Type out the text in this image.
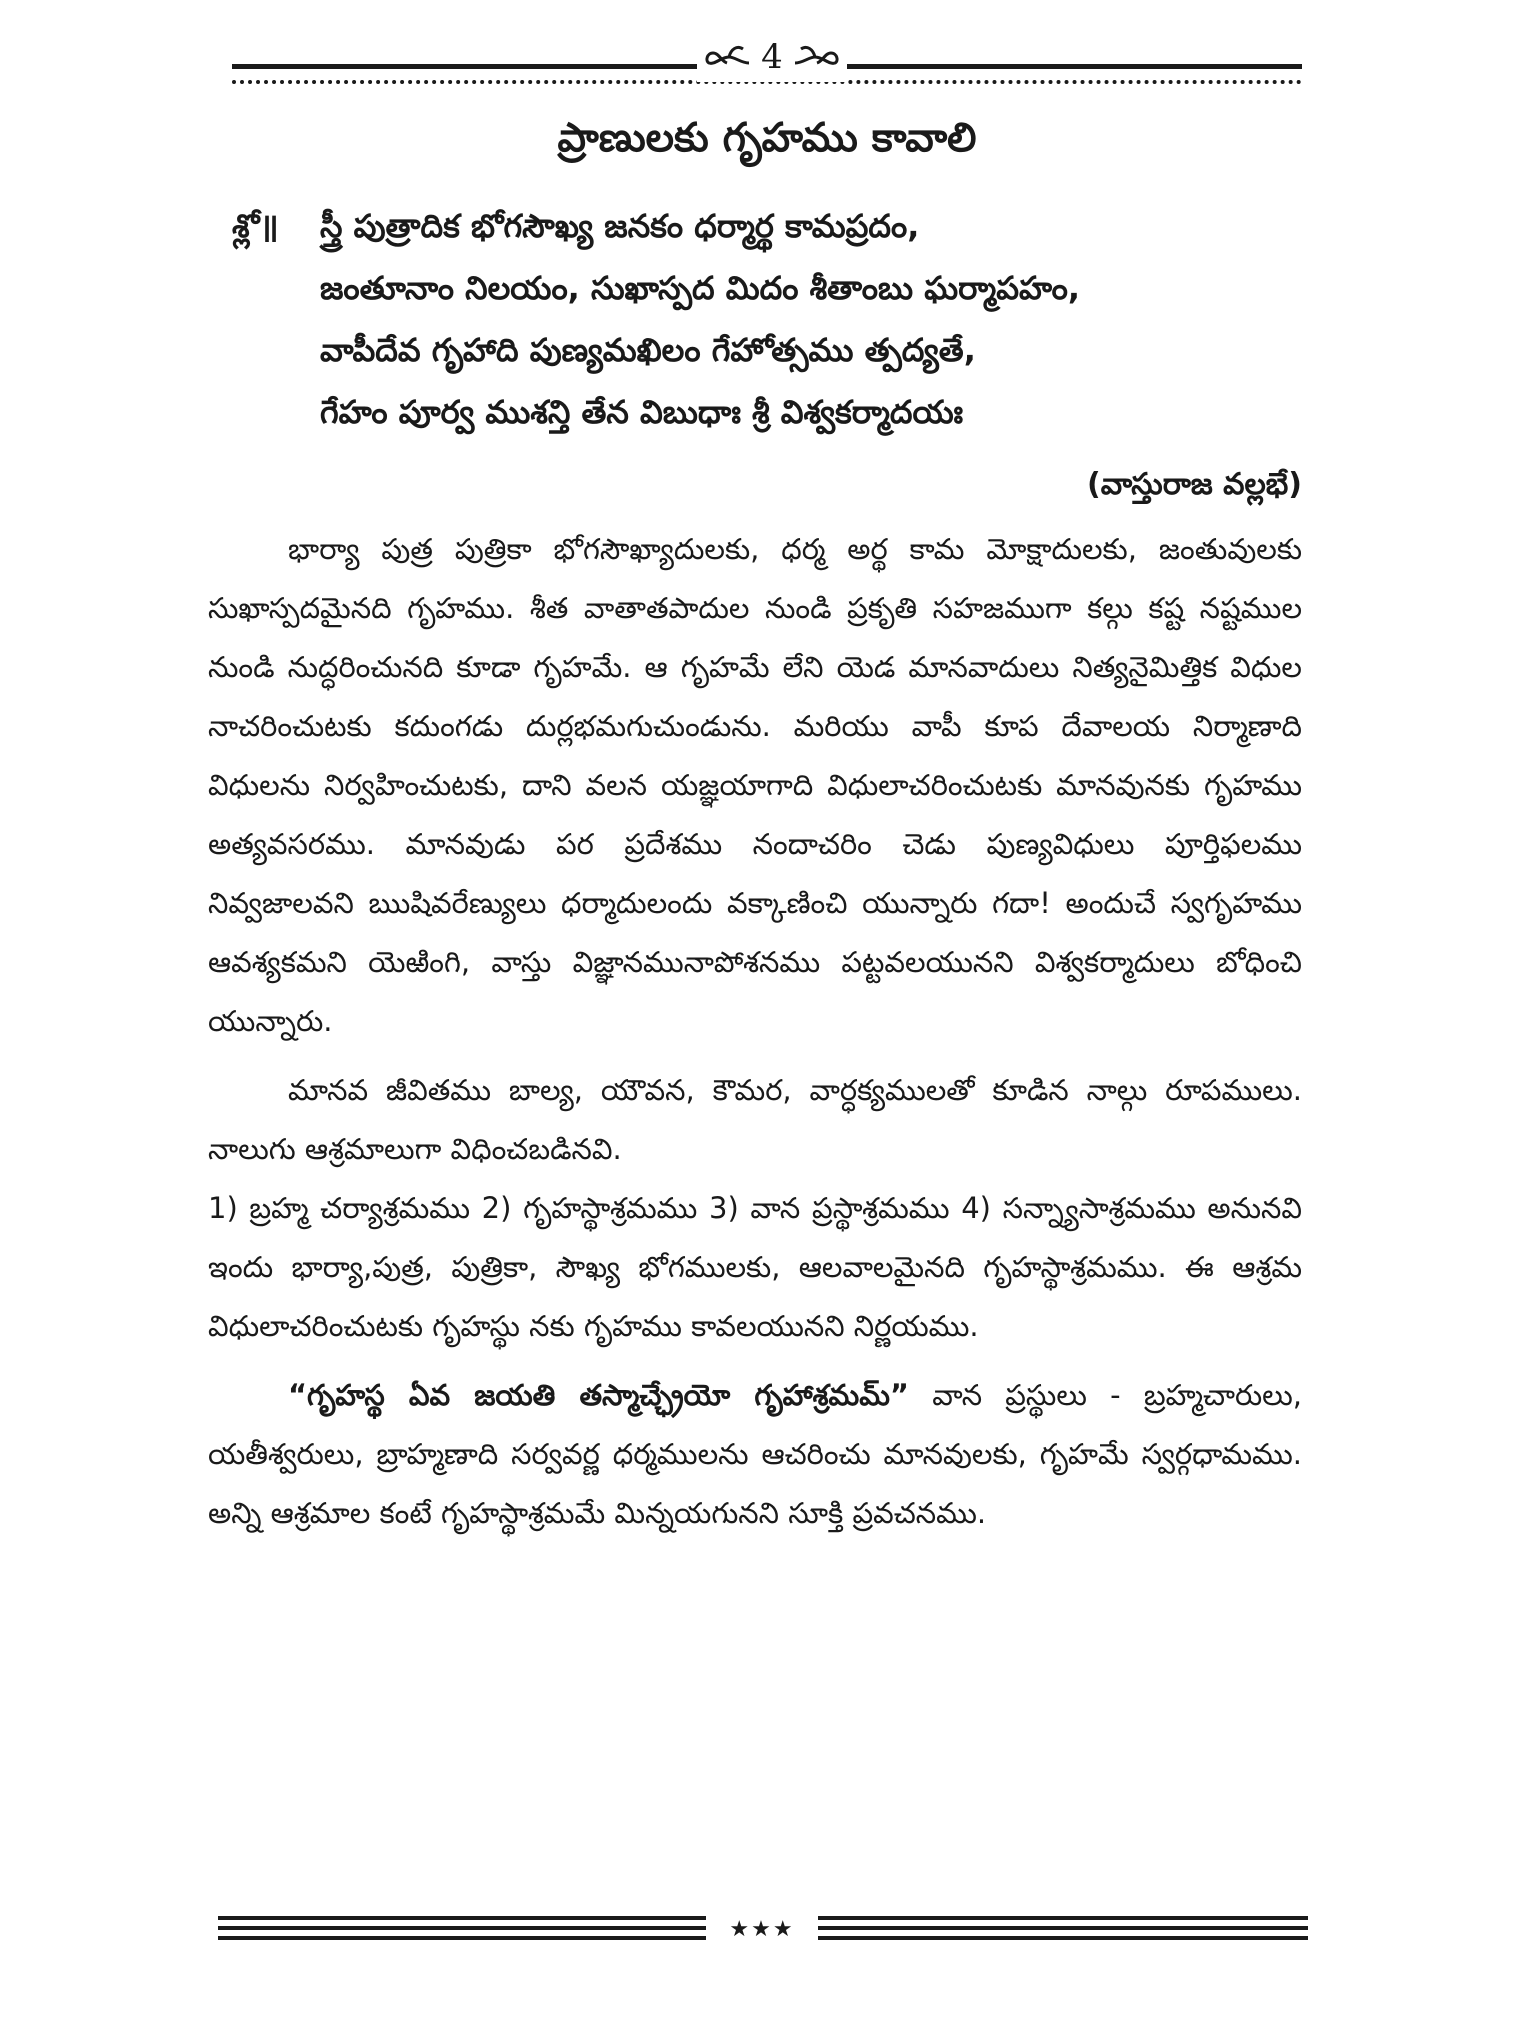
4
ప్రాణులకు గృహము కావాలి
శ్లో॥ స్త్రీ పుత్రాదిక భోగసౌఖ్య జనకం ధర్మార్థ కామప్రదం,
జంతూనాం నిలయం, సుఖాస్పద మిదం శీతాంబు ఘర్మాపహం,
వాపీదేవ గృహాది పుణ్యమఖిలం గేహోత్సము త్పద్యతే,
గేహం పూర్వ ముశన్తి తేన విబుధాః శ్రీ విశ్వకర్మాదయః
(వాస్తురాజ వల్లభే)

భార్యా పుత్ర పుత్రికా భోగసౌఖ్యాదులకు, ధర్మ అర్థ కామ మోక్షాదులకు, జంతువులకు సుఖాస్పదమైనది గృహము. శీత వాతాతపాదుల నుండి ప్రకృతి సహజముగా కల్గు కష్ట నష్టముల నుండి నుద్ధరించునది కూడా గృహమే. ఆ గృహమే లేని యెడ మానవాదులు నిత్యనైమిత్తిక విధుల నాచరించుటకు కదుంగడు దుర్లభమగుచుండును. మరియు వాపీ కూప దేవాలయ నిర్మాణాది విధులను నిర్వహించుటకు, దాని వలన యజ్ఞయాగాది విధులాచరించుటకు మానవునకు గృహము అత్యవసరము. మానవుడు పర ప్రదేశము నందాచరిం చెడు పుణ్యవిధులు పూర్తిఫలము నివ్వజాలవని ఋషివరేణ్యులు ధర్మాదులందు వక్కాణించి యున్నారు గదా! అందుచే స్వగృహము ఆవశ్యకమని యెఱింగి, వాస్తు విజ్ఞానమునాపోశనము పట్టవలయునని విశ్వకర్మాదులు బోధించి యున్నారు.

మానవ జీవితము బాల్య, యౌవన, కౌమర, వార్ధక్యములతో కూడిన నాల్గు రూపములు. నాలుగు ఆశ్రమాలుగా విధించబడినవి.

1) బ్రహ్మ చర్యాశ్రమము 2) గృహస్థాశ్రమము 3) వాన ప్రస్థాశ్రమము 4) సన్న్యాసాశ్రమము అనునవి ఇందు భార్యా,పుత్ర, పుత్రికా, సౌఖ్య భోగములకు, ఆలవాలమైనది గృహస్థాశ్రమము. ఈ ఆశ్రమ విధులాచరించుటకు గృహస్థు నకు గృహము కావలయునని నిర్ణయము.

“గృహస్థ ఏవ జయతి తస్మాచ్ఛ్రేయో గృహాశ్రమమ్” వాన ప్రస్థులు - బ్రహ్మచారులు, యతీశ్వరులు, బ్రాహ్మణాది సర్వవర్ణ ధర్మములను ఆచరించు మానవులకు, గృహమే స్వర్గధామము. అన్ని ఆశ్రమాల కంటే గృహస్థాశ్రమమే మిన్నయగునని సూక్తి ప్రవచనము.

★★★
